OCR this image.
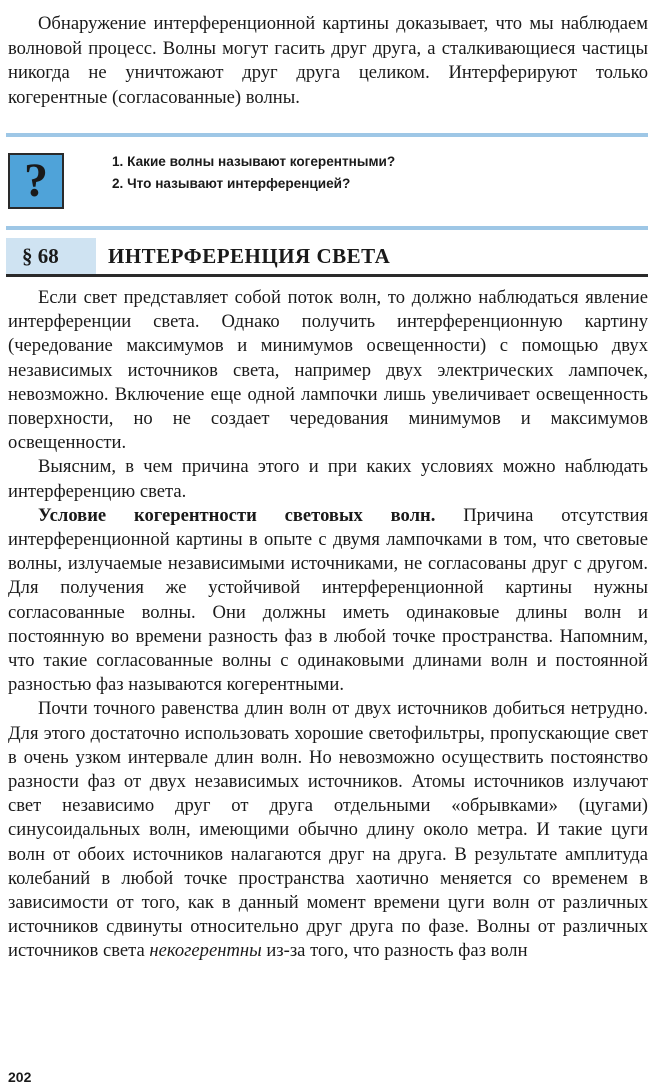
Обнаружение интерференционной картины доказывает, что мы наблюдаем волновой процесс. Волны могут гасить друг друга, а сталкивающиеся частицы никогда не уничтожают друг друга целиком. Интерферируют только когерентные (согласованные) волны.

?	1. Какие волны называют когерентными?
2. Что называют интерференцией?
§ 68 ИНТЕРФЕРЕНЦИЯ СВЕТА

Если свет представляет собой поток волн, то должно наблюдаться явление интерференции света. Однако получить интерференционную картину (чередование максимумов и минимумов освещенности) с помощью двух независимых источников света, например двух электрических лампочек, невозможно. Включение еще одной лампочки лишь увеличивает освещенность поверхности, но не создает чередования минимумов и максимумов освещенности.

Выясним, в чем причина этого и при каких условиях можно наблюдать интерференцию света.

Условие когерентности световых волн. Причина отсутствия интерференционной картины в опыте с двумя лампочками в том, что световые волны, излучаемые независимыми источниками, не согласованы друг с другом. Для получения же устойчивой интерференционной картины нужны согласованные волны. Они должны иметь одинаковые длины волн и постоянную во времени разность фаз в любой точке пространства. Напомним, что такие согласованные волны с одинаковыми длинами волн и постоянной разностью фаз называются когерентными.

Почти точного равенства длин волн от двух источников добиться нетрудно. Для этого достаточно использовать хорошие светофильтры, пропускающие свет в очень узком интервале длин волн. Но невозможно осуществить постоянство разности фаз от двух независимых источников. Атомы источников излучают свет независимо друг от друга отдельными «обрывками» (цугами) синусоидальных волн, имеющими обычно длину около метра. И такие цуги волн от обоих источников налагаются друг на друга. В результате амплитуда колебаний в любой точке пространства хаотично меняется со временем в зависимости от того, как в данный момент времени цуги волн от различных источников сдвинуты относительно друг друга по фазе. Волны от различных источников света некогерентны из-за того, что разность фаз волн

202
